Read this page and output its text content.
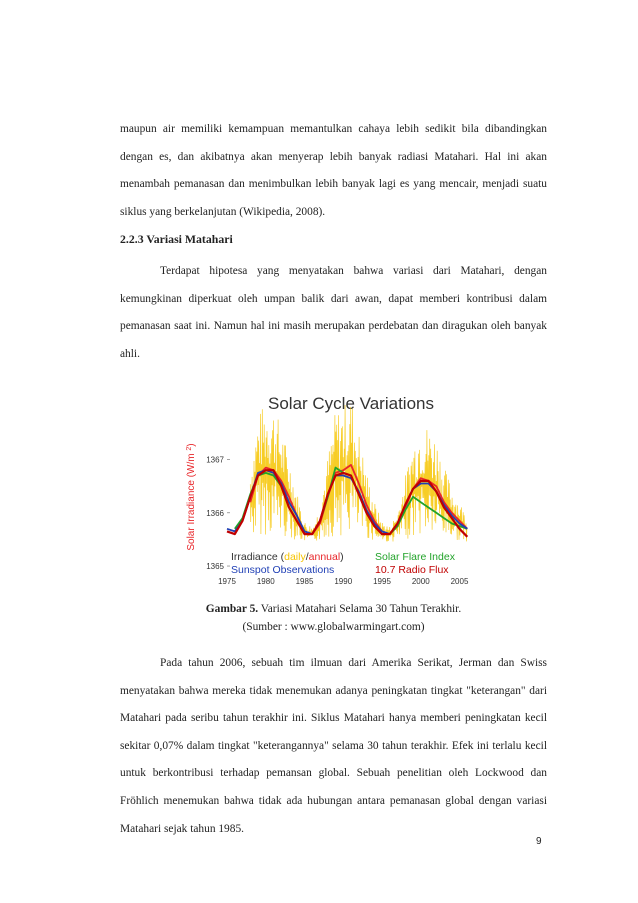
maupun air memiliki kemampuan memantulkan cahaya lebih sedikit bila dibandingkan dengan es, dan akibatnya akan menyerap lebih banyak radiasi Matahari. Hal ini akan menambah pemanasan dan menimbulkan lebih banyak lagi es yang mencair, menjadi suatu siklus yang berkelanjutan (Wikipedia, 2008).

2.2.3 Variasi Matahari

Terdapat hipotesa yang menyatakan bahwa variasi dari Matahari, dengan kemungkinan diperkuat oleh umpan balik dari awan, dapat memberi kontribusi dalam pemanasan saat ini. Namun hal ini masih merupakan perdebatan dan diragukan oleh banyak ahli.

Solar Cycle Variations
Solar Irradiance (W/m $^2$)
1365
1366
1367
1975	1980	1985	1990	1995	2000	2005
Irradiance (daily/annual)
Sunspot Observations
Solar Flare Index
10.7 Radio Flux
Gambar 5. Variasi Matahari Selama 30 Tahun Terakhir.
(Sumber : www.globalwarmingart.com)

Pada tahun 2006, sebuah tim ilmuan dari Amerika Serikat, Jerman dan Swiss menyatakan bahwa mereka tidak menemukan adanya peningkatan tingkat "keterangan" dari Matahari pada seribu tahun terakhir ini. Siklus Matahari hanya memberi peningkatan kecil sekitar 0,07% dalam tingkat "keterangannya" selama 30 tahun terakhir. Efek ini terlalu kecil untuk berkontribusi terhadap pemansan global. Sebuah penelitian oleh Lockwood dan Fröhlich menemukan bahwa tidak ada hubungan antara pemanasan global dengan variasi Matahari sejak tahun 1985.

9
